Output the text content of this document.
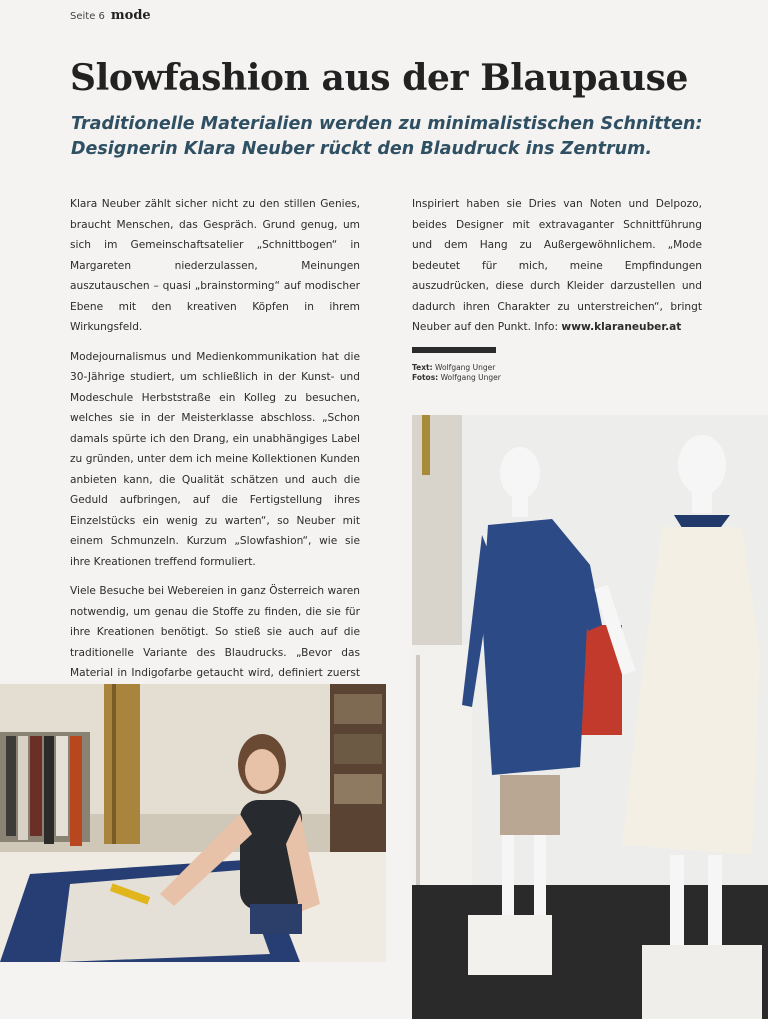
Seite 6 mode
Slowfashion aus der Blaupause
Traditionelle Materialien werden zu minimalistischen Schnitten:
Designerin Klara Neuber rückt den Blaudruck ins Zentrum.

Klara Neuber zählt sicher nicht zu den stillen Genies, braucht Menschen, das Gespräch. Grund genug, um sich im Gemeinschaftsatelier „Schnittbogen“ in Margareten niederzulassen, Meinungen auszutauschen – quasi „brainstorming“ auf modischer Ebene mit den kreativen Köpfen in ihrem Wirkungsfeld.

Modejournalismus und Medienkommunikation hat die 30-Jährige studiert, um schließlich in der Kunst- und Modeschule Herbststraße ein Kolleg zu besuchen, welches sie in der Meisterklasse abschloss. „Schon damals spürte ich den Drang, ein unabhängiges Label zu gründen, unter dem ich meine Kollektionen Kunden anbieten kann, die Qualität schätzen und auch die Geduld aufbringen, auf die Fertigstellung ihres Einzelstücks ein wenig zu warten“, so Neuber mit einem Schmunzeln. Kurzum „Slowfashion“, wie sie ihre Kreationen treffend formuliert.

Viele Besuche bei Webereien in ganz Österreich waren notwendig, um genau die Stoffe zu finden, die sie für ihre Kreationen benötigt. So stieß sie auch auf die traditionelle Variante des Blaudrucks. „Bevor das Material in Indigofarbe getaucht wird, definiert zuerst

Inspiriert haben sie Dries van Noten und Delpozo, beides Designer mit extravaganter Schnittführung und dem Hang zu Außergewöhnlichem. „Mode bedeutet für mich, meine Empfindungen auszudrücken, diese durch Kleider darzustellen und dadurch ihren Charakter zu unterstreichen“, bringt Neuber auf den Punkt. Info: www.klaraneuber.at

Text: Wolfgang Unger
Fotos: Wolfgang Unger
